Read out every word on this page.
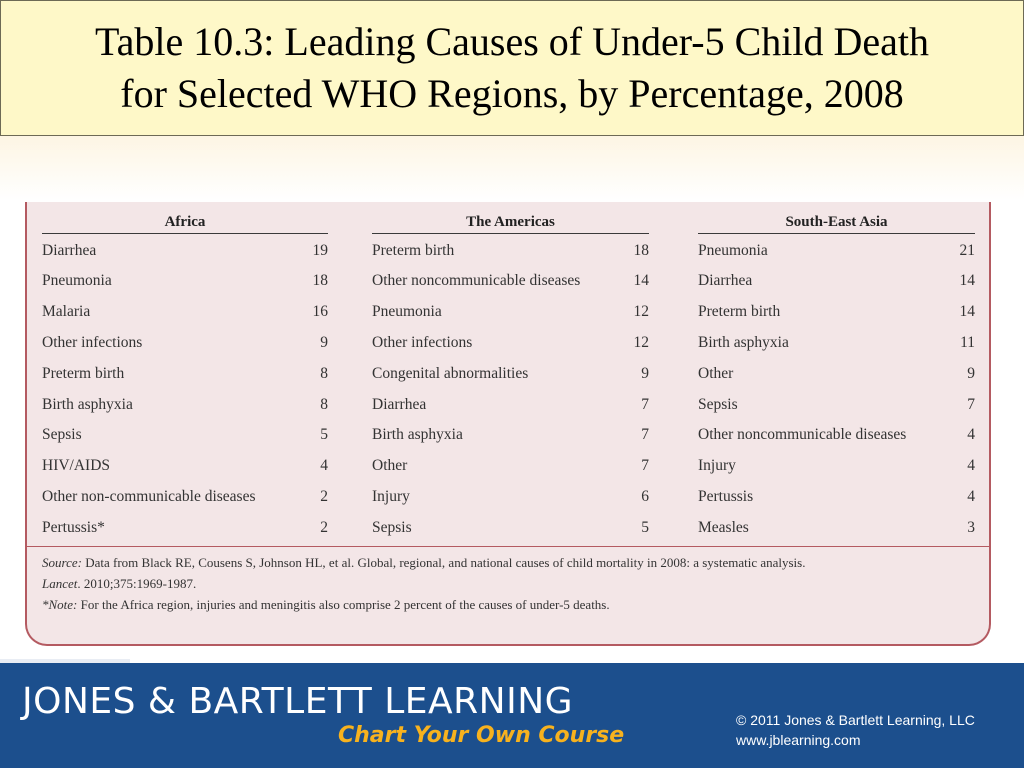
Table 10.3: Leading Causes of Under-5 Child Death
for Selected WHO Regions, by Percentage, 2008
Africa
Diarrhea	19
Pneumonia	18
Malaria	16
Other infections	9
Preterm birth	8
Birth asphyxia	8
Sepsis	5
HIV/AIDS	4
Other non-communicable diseases	2
Pertussis*	2
The Americas
Preterm birth	18
Other noncommunicable diseases	14
Pneumonia	12
Other infections	12
Congenital abnormalities	9
Diarrhea	7
Birth asphyxia	7
Other	7
Injury	6
Sepsis	5
South-East Asia
Pneumonia	21
Diarrhea	14
Preterm birth	14
Birth asphyxia	11
Other	9
Sepsis	7
Other noncommunicable diseases	4
Injury	4
Pertussis	4
Measles	3
Source: Data from Black RE, Cousens S, Johnson HL, et al. Global, regional, and national causes of child mortality in 2008: a systematic analysis.
Lancet. 2010;375:1969-1987.
*Note: For the Africa region, injuries and meningitis also comprise 2 percent of the causes of under-5 deaths.
JONES & BARTLETT LEARNING
Chart Your Own Course
© 2011 Jones & Bartlett Learning, LLC
www.jblearning.com
